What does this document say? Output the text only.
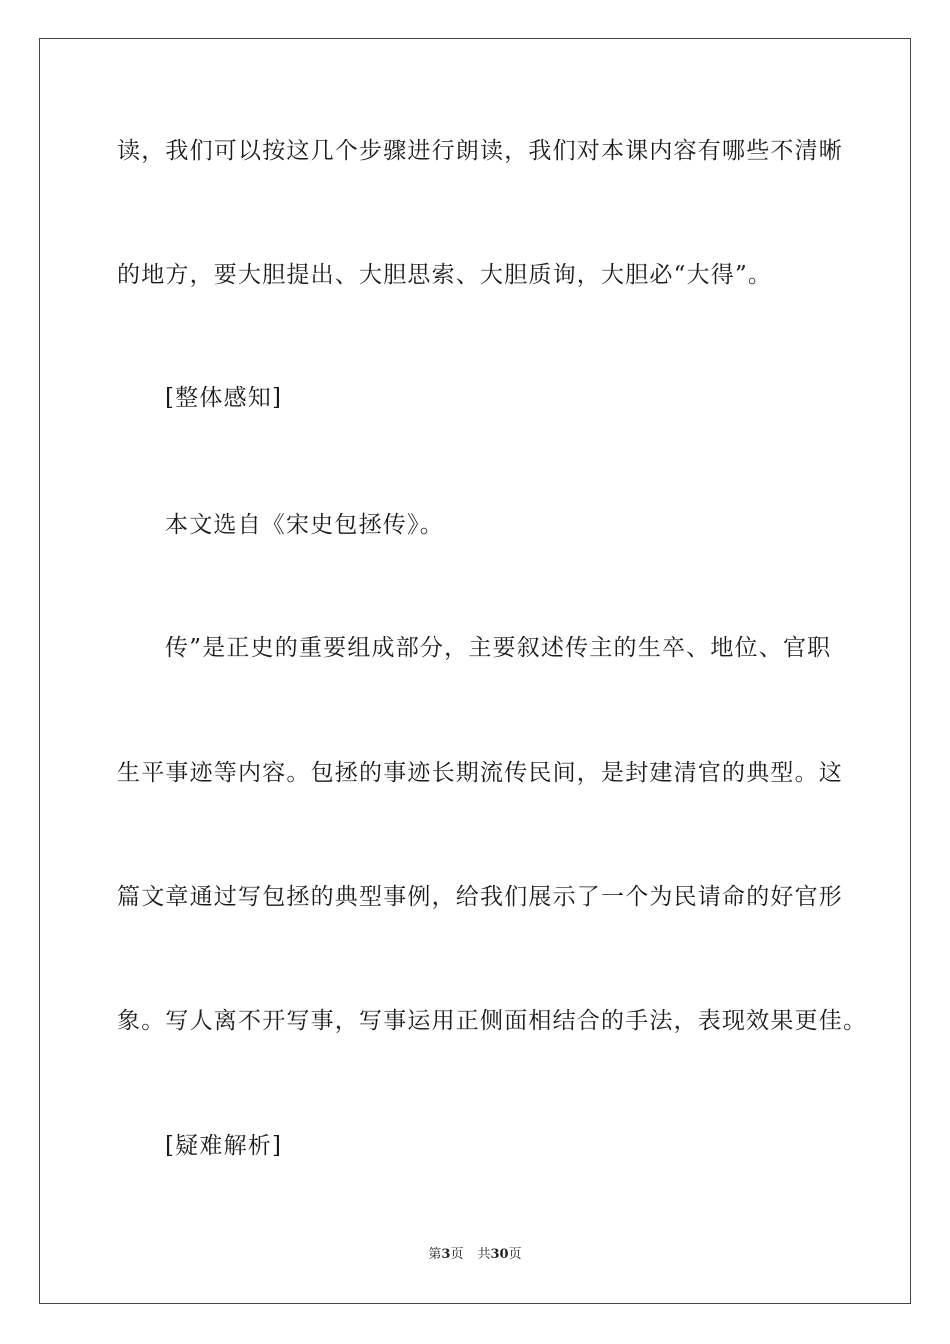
读，我们可以按这几个步骤进行朗读，我们对本课内容有哪些不清晰
的地方，要大胆提出、大胆思索、大胆质询，大胆必“大得”。
[整体感知]
本文选自《宋史包拯传》。
传”是正史的重要组成部分，主要叙述传主的生卒、地位、官职
生平事迹等内容。包拯的事迹长期流传民间，是封建清官的典型。这
篇文章通过写包拯的典型事例，给我们展示了一个为民请命的好官形
象。写人离不开写事，写事运用正侧面相结合的手法，表现效果更佳。
[疑难解析]
第3页 共30页
